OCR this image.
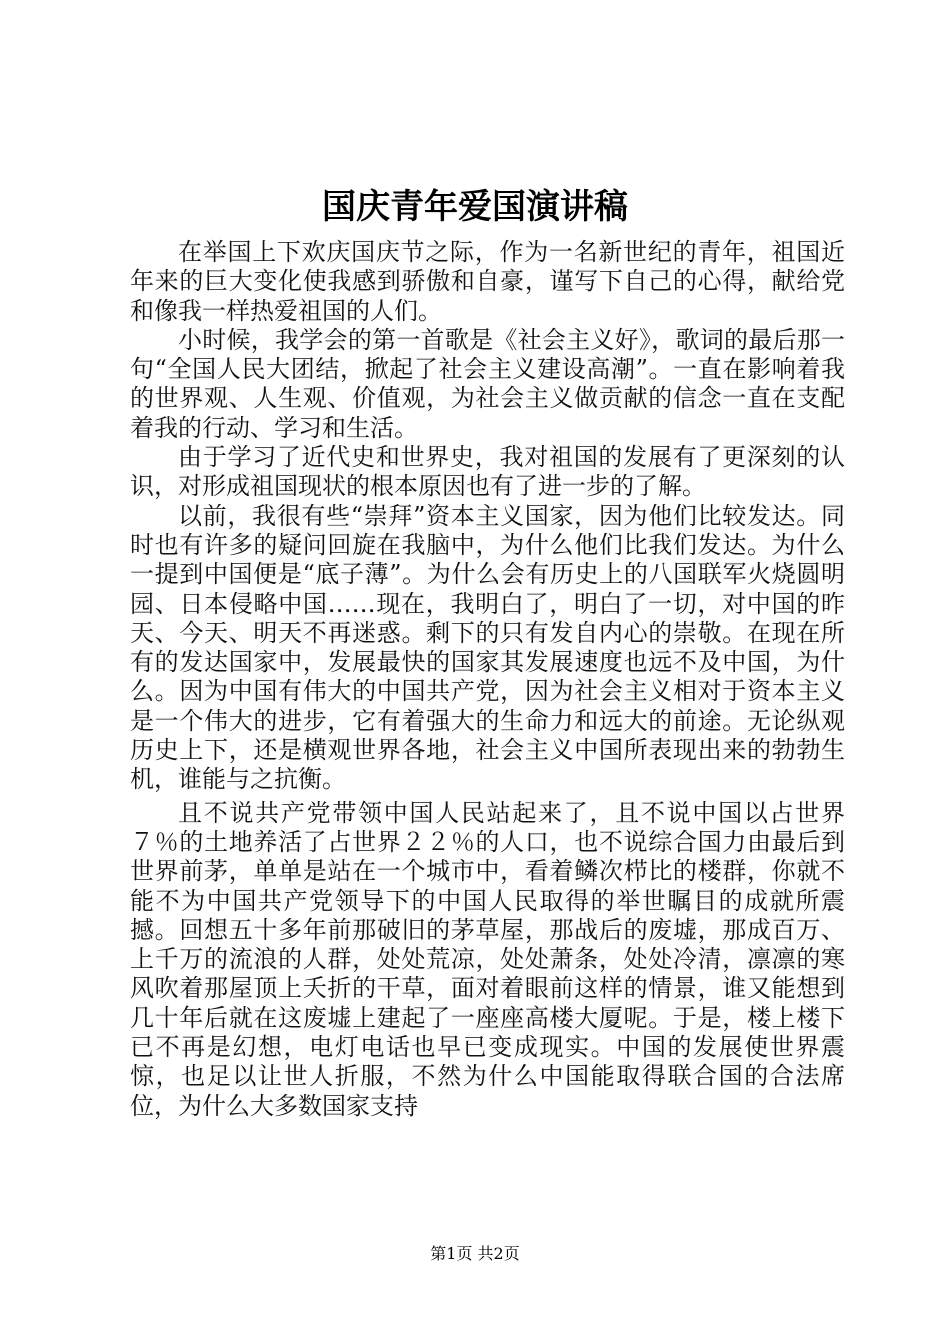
国庆青年爱国演讲稿

在举国上下欢庆国庆节之际，作为一名新世纪的青年，祖国近年来的巨大变化使我感到骄傲和自豪，谨写下自己的心得，献给党和像我一样热爱祖国的人们。

小时候，我学会的第一首歌是《社会主义好》，歌词的最后那一句“全国人民大团结，掀起了社会主义建设高潮”。一直在影响着我的世界观、人生观、价值观，为社会主义做贡献的信念一直在支配着我的行动、学习和生活。

由于学习了近代史和世界史，我对祖国的发展有了更深刻的认识，对形成祖国现状的根本原因也有了进一步的了解。

以前，我很有些“崇拜”资本主义国家，因为他们比较发达。同时也有许多的疑问回旋在我脑中，为什么他们比我们发达。为什么一提到中国便是“底子薄”。为什么会有历史上的八国联军火烧圆明园、日本侵略中国……现在，我明白了，明白了一切，对中国的昨天、今天、明天不再迷惑。剩下的只有发自内心的崇敬。在现在所有的发达国家中，发展最快的国家其发展速度也远不及中国，为什么。因为中国有伟大的中国共产党，因为社会主义相对于资本主义是一个伟大的进步，它有着强大的生命力和远大的前途。无论纵观历史上下，还是横观世界各地，社会主义中国所表现出来的勃勃生机，谁能与之抗衡。

且不说共产党带领中国人民站起来了，且不说中国以占世界７％的土地养活了占世界２２％的人口，也不说综合国力由最后到世界前茅，单单是站在一个城市中，看着鳞次栉比的楼群，你就不能不为中国共产党领导下的中国人民取得的举世瞩目的成就所震撼。回想五十多年前那破旧的茅草屋，那战后的废墟，那成百万、上千万的流浪的人群，处处荒凉，处处萧条，处处冷清，凛凛的寒风吹着那屋顶上夭折的干草，面对着眼前这样的情景，谁又能想到几十年后就在这废墟上建起了一座座高楼大厦呢。于是，楼上楼下已不再是幻想，电灯电话也早已变成现实。中国的发展使世界震惊，也足以让世人折服，不然为什么中国能取得联合国的合法席位，为什么大多数国家支持

第1页 共2页
